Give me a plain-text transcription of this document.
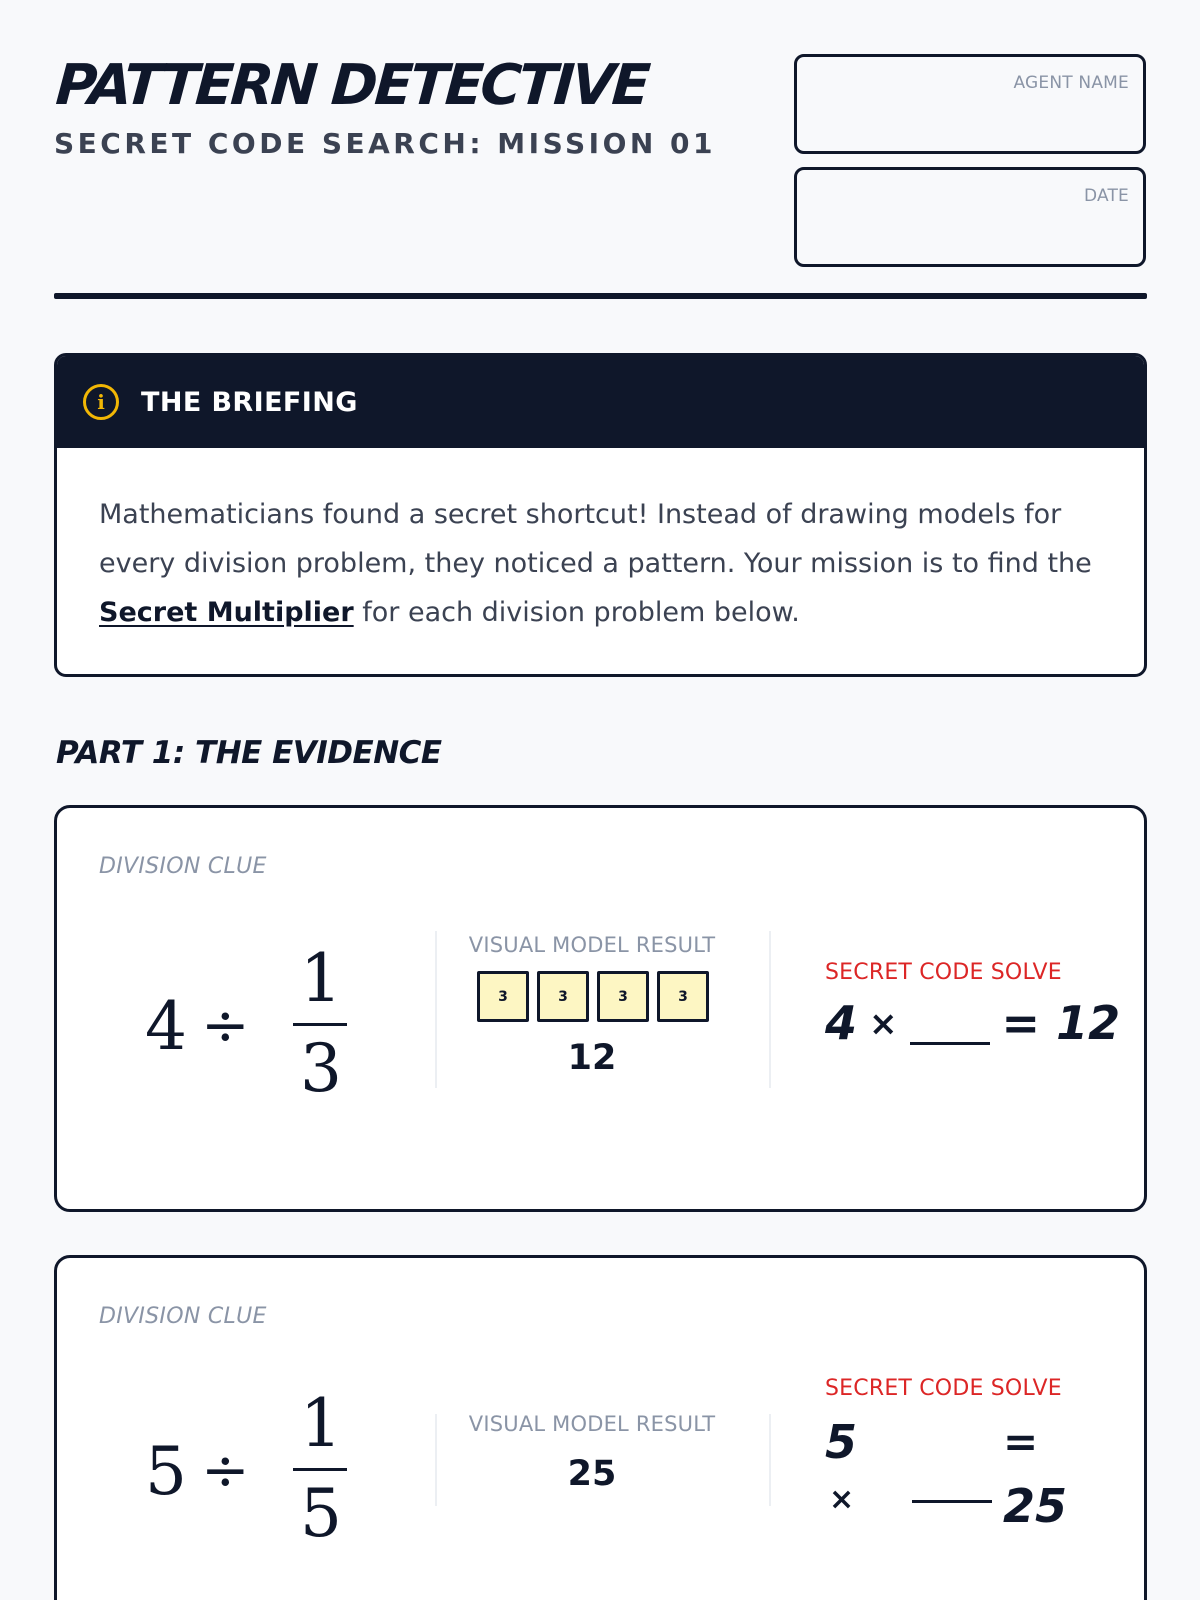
PATTERN DETECTIVE
SECRET CODE SEARCH: MISSION 01
AGENT NAME
DATE
i	THE BRIEFING
Mathematicians found a secret shortcut! Instead of drawing models for every division problem, they noticed a pattern. Your mission is to find the Secret Multiplier for each division problem below.
PART 1: THE EVIDENCE
DIVISION CLUE
4 ÷
1
3
VISUAL MODEL RESULT
3	3	3	3
12
SECRET CODE SOLVE
4 × = 12
DIVISION CLUE
5 ÷
1
5
VISUAL MODEL RESULT
25
SECRET CODE SOLVE
5	=
×	25
